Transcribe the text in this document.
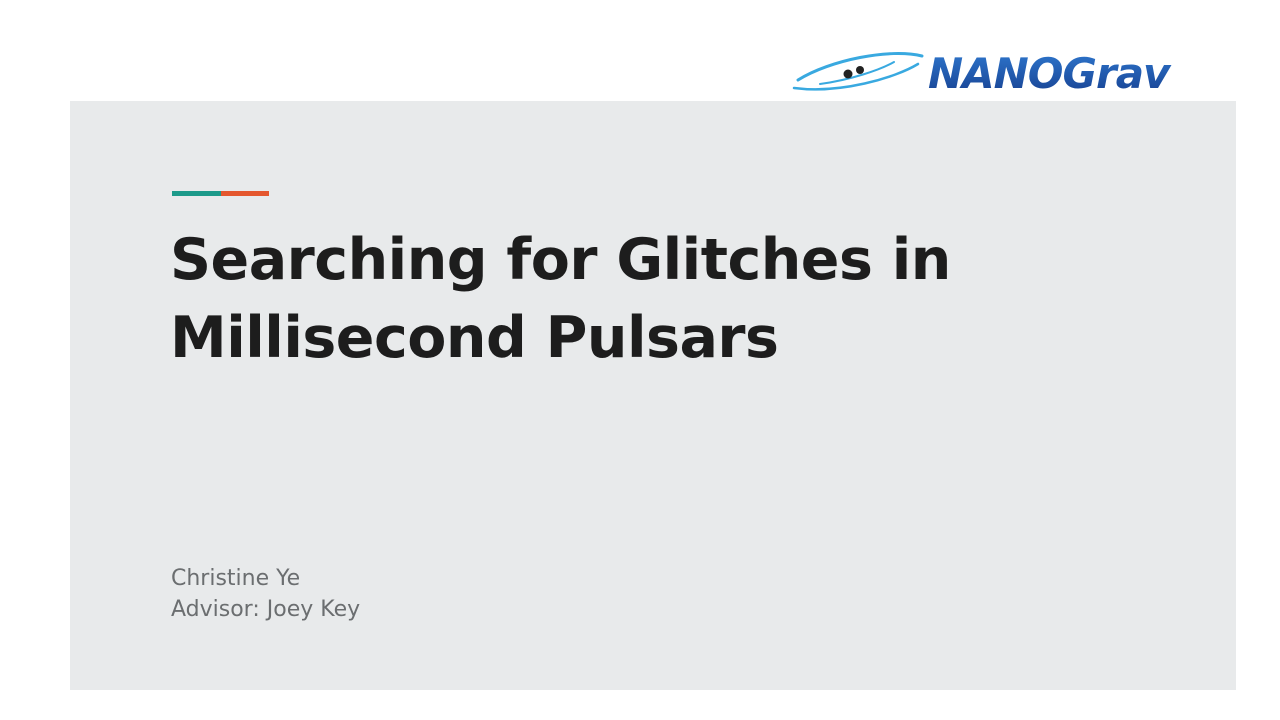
NANOGrav
Searching for Glitches in
Millisecond Pulsars
Christine Ye
Advisor: Joey Key
